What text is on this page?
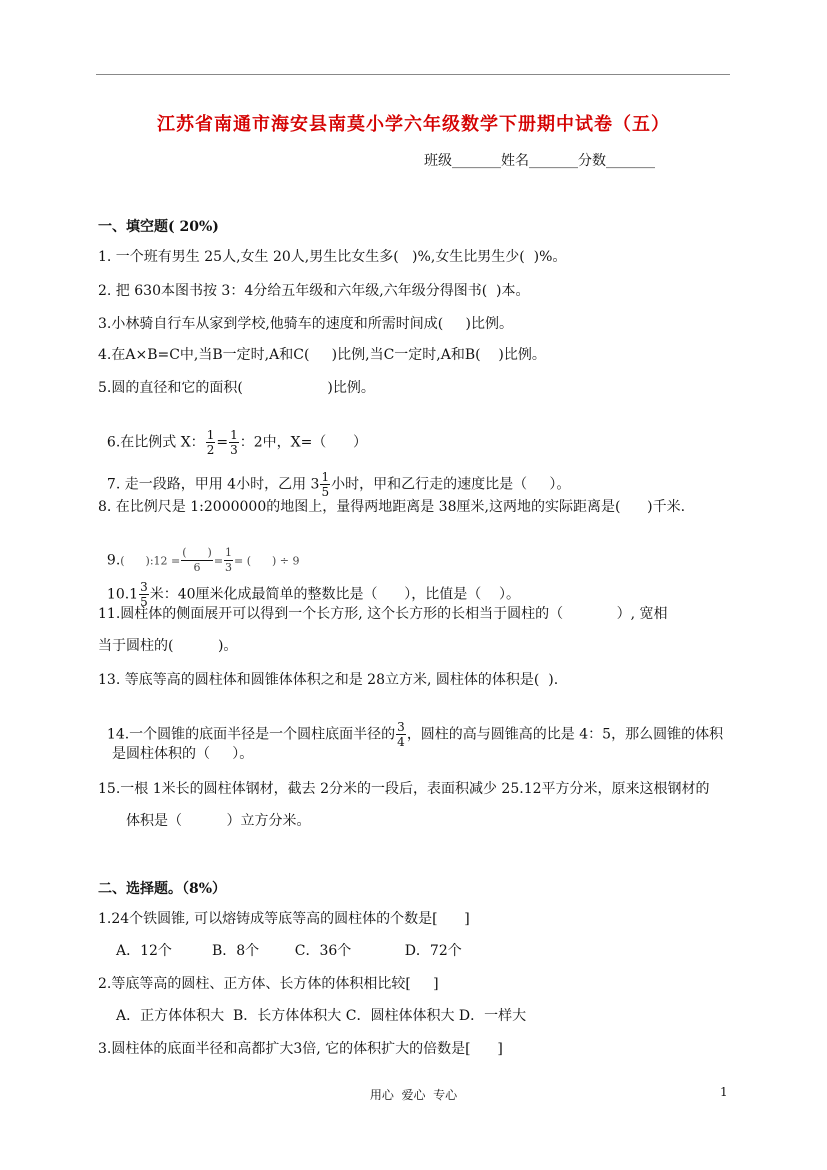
江苏省南通市海安县南莫小学六年级数学下册期中试卷（五）
班级_______姓名_______分数_______
一、填空题( 20%)
1. 一个班有男生 25人,女生 20人,男生比女生多(   )%,女生比男生少(  )%。
2. 把 630本图书按 3：4分给五年级和六年级,六年级分得图书(  )本。
3.小林骑自行车从家到学校,他骑车的速度和所需时间成(     )比例。
4.在A×B=C中,当B一定时,A和C(     )比例,当C一定时,A和B(    )比例。
5.圆的直径和它的面积(                   )比例。

6.在比例式 X： $\frac{1}{2} = \frac{1}{3}$ ：2中，X=（      ）

7. 走一段路，甲用 4小时，乙用 $3 \frac{1}{5}$ 小时，甲和乙行走的速度比是（     ）。

8. 在比例尺是 1:2000000的地图上，量得两地距离是 38厘米,这两地的实际距离是(      )千米.

9.(      ):12 = $\frac{( )}{6} = \frac{1}{3}$ = (      ) ÷ 9

$10.1 \frac{3}{5}$ 米：40厘米化成最简单的整数比是（      ），比值是（    ）。

11.圆柱体的侧面展开可以得到一个长方形, 这个长方形的长相当于圆柱的（            ）, 宽相
当于圆柱的(          )。
13. 等底等高的圆柱体和圆锥体体积之和是 28立方米, 圆柱体的体积是(  ).

14.一个圆锥的底面半径是一个圆柱底面半径的 $\frac{3}{4}$ ，圆柱的高与圆锥高的比是 4：5，那么圆锥的体积

是圆柱体积的（     ）。
15.一根 1米长的圆柱体钢材，截去 2分米的一段后，表面积减少 25.12平方分米，原来这根钢材的
体积是（          ）立方分米。
二、选择题。（8%）
1.24个铁圆锥, 可以熔铸成等底等高的圆柱体的个数是[      ]
A．12个         B．8个        C．36个            D．72个
2.等底等高的圆柱、正方体、长方体的体积相比较[     ]
A．正方体体积大  B．长方体体积大 C．圆柱体体积大 D．一样大
3.圆柱体的底面半径和高都扩大3倍, 它的体积扩大的倍数是[      ]
用心  爱心  专心	1
